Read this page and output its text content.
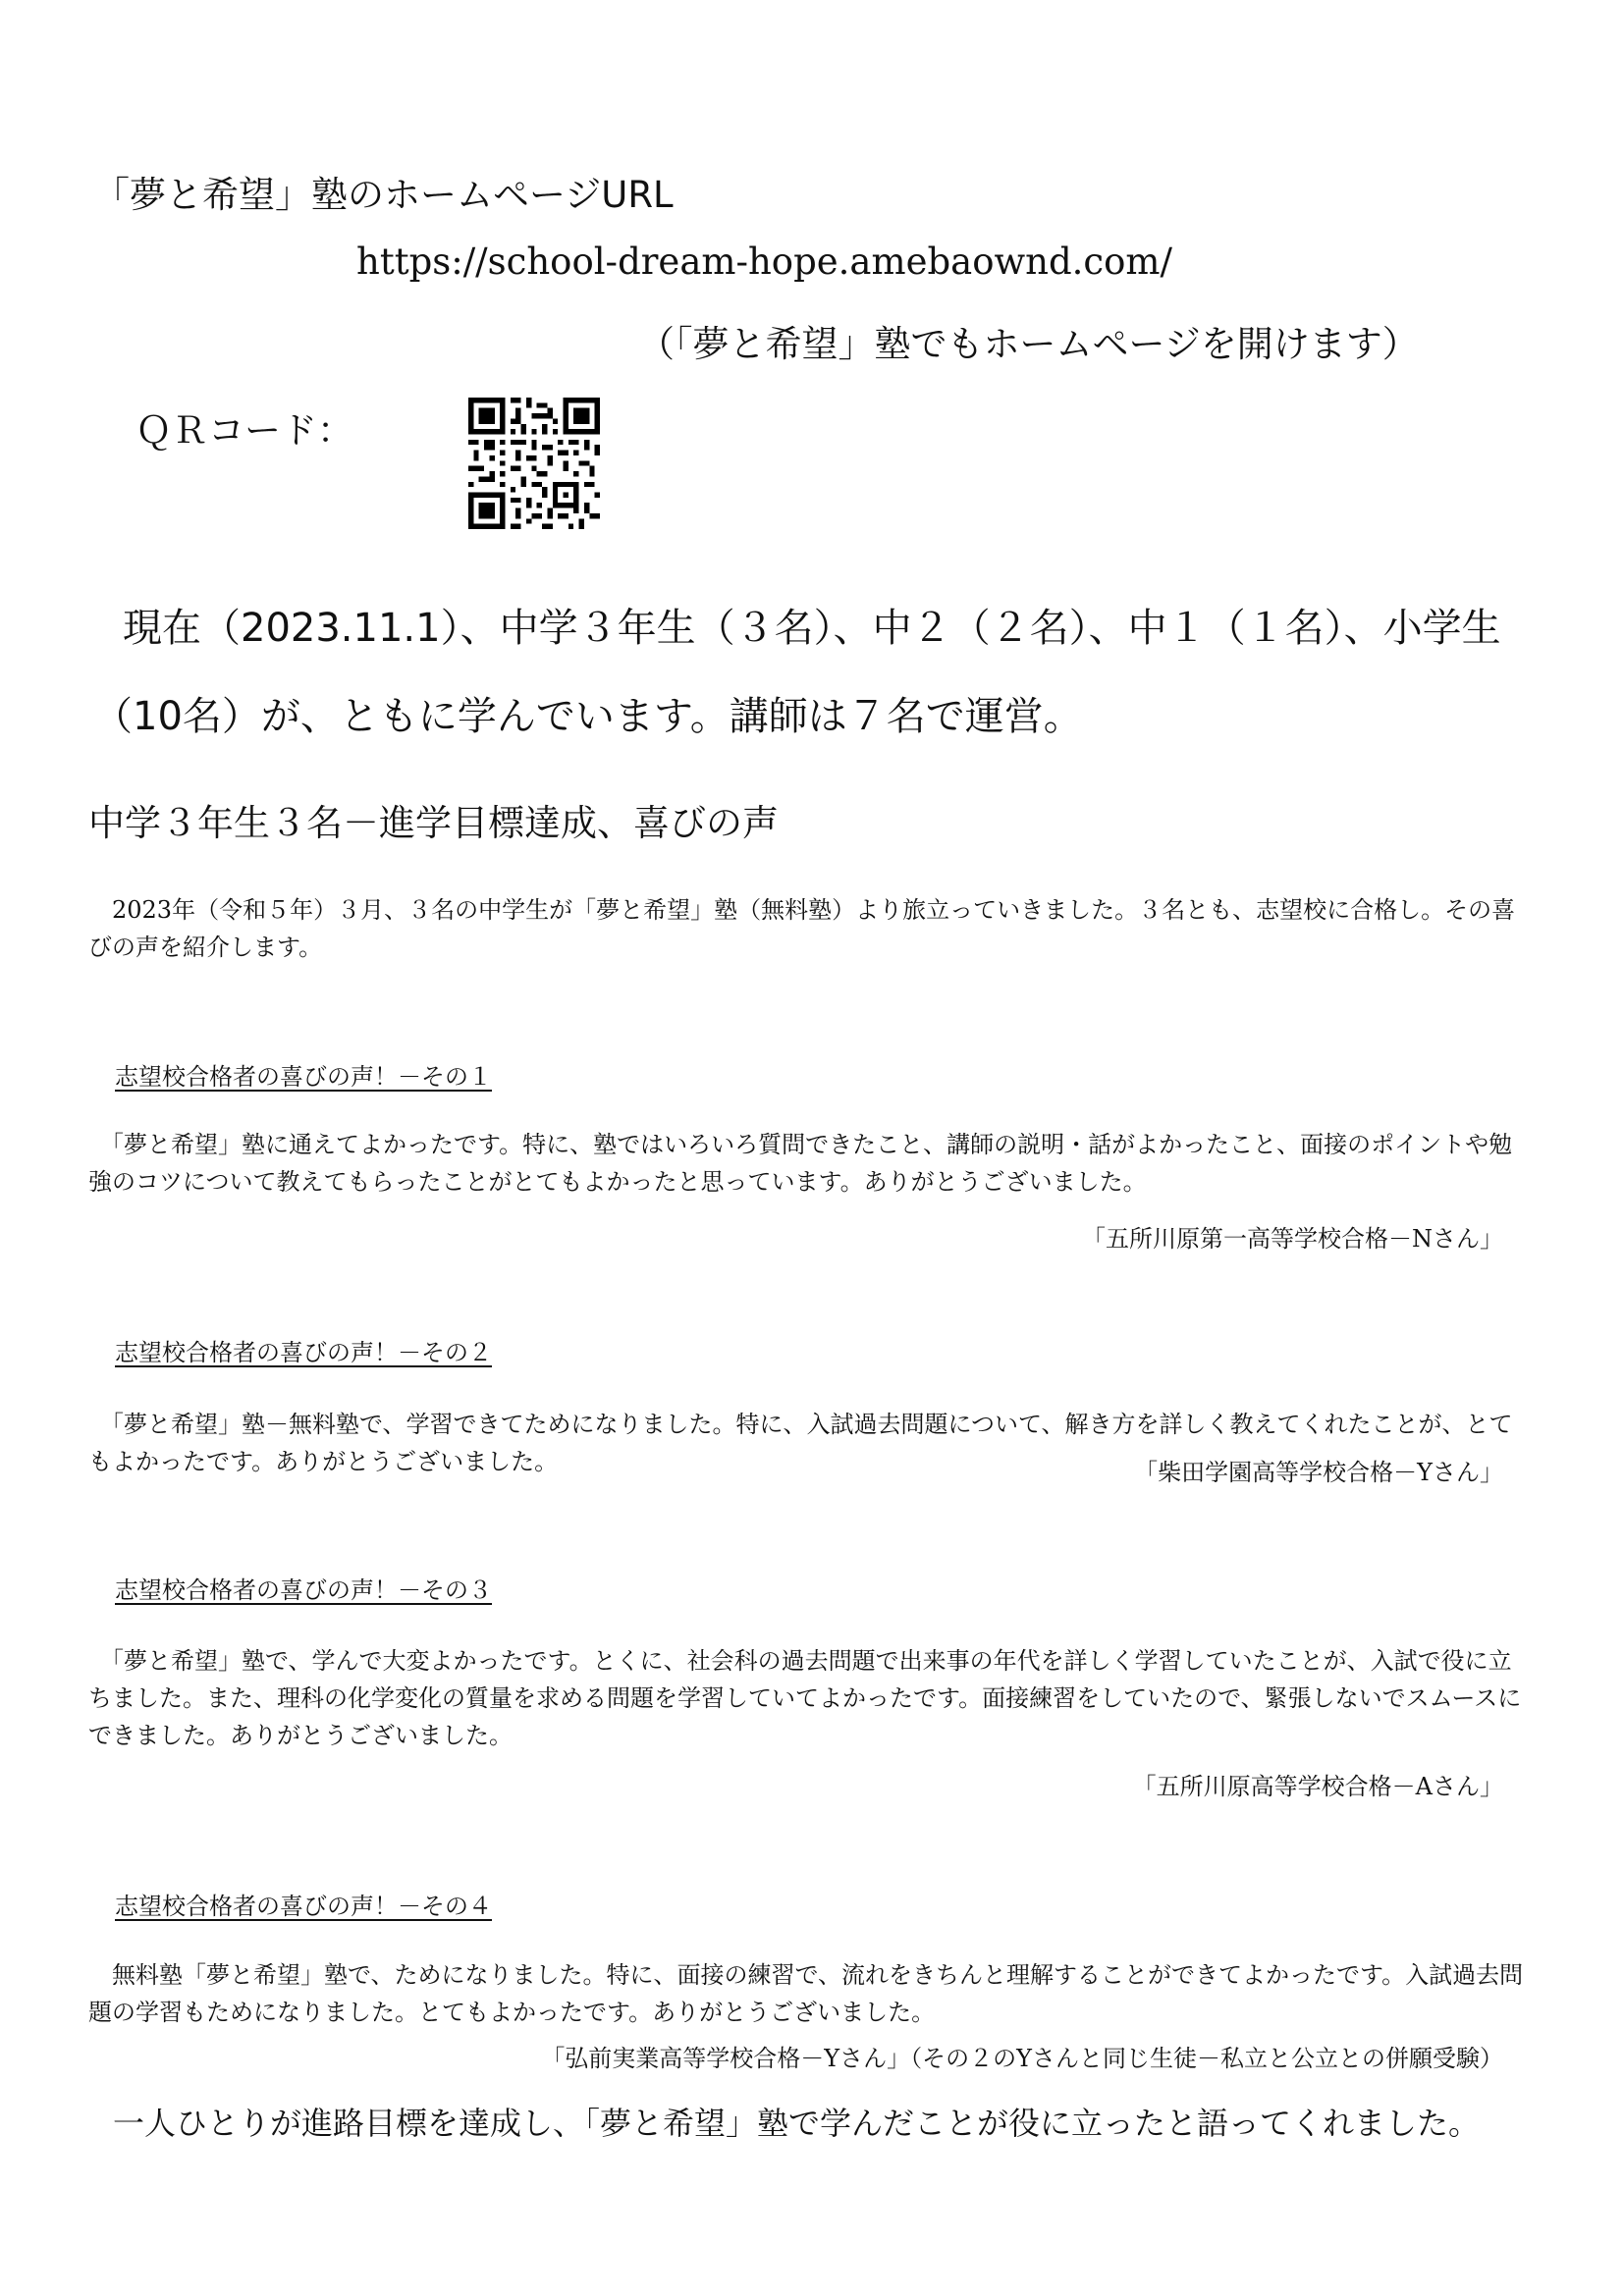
「夢と希望」塾のホームページURL
https://school-dream-hope.amebaownd.com/
（「夢と希望」塾でもホームページを開けます）
ＱＲコード：

現在（2023.11.1）、中学３年生（３名）、中２（２名）、中１（１名）、小学生（10名）が、ともに学んでいます。講師は７名で運営。

中学３年生３名－進学目標達成、喜びの声

　2023年（令和５年）３月、３名の中学生が「夢と希望」塾（無料塾）より旅立っていきました。３名とも、志望校に合格し。その喜びの声を紹介します。

志望校合格者の喜びの声！－その１

　「夢と希望」塾に通えてよかったです。特に、塾ではいろいろ質問できたこと、講師の説明・話がよかったこと、面接のポイントや勉強のコツについて教えてもらったことがとてもよかったと思っています。ありがとうございました。

「五所川原第一高等学校合格－Nさん」

志望校合格者の喜びの声！－その２

　「夢と希望」塾－無料塾で、学習できてためになりました。特に、入試過去問題について、解き方を詳しく教えてくれたことが、とてもよかったです。ありがとうございました。	「柴田学園高等学校合格－Yさん」

志望校合格者の喜びの声！－その３

　「夢と希望」塾で、学んで大変よかったです。とくに、社会科の過去問題で出来事の年代を詳しく学習していたことが、入試で役に立ちました。また、理科の化学変化の質量を求める問題を学習していてよかったです。面接練習をしていたので、緊張しないでスムースにできました。ありがとうございました。

「五所川原高等学校合格－Aさん」

志望校合格者の喜びの声！－その４

　無料塾「夢と希望」塾で、ためになりました。特に、面接の練習で、流れをきちんと理解することができてよかったです。入試過去問題の学習もためになりました。とてもよかったです。ありがとうございました。

「弘前実業高等学校合格－Yさん」（その２のYさんと同じ生徒－私立と公立との併願受験）

一人ひとりが進路目標を達成し、「夢と希望」塾で学んだことが役に立ったと語ってくれました。
